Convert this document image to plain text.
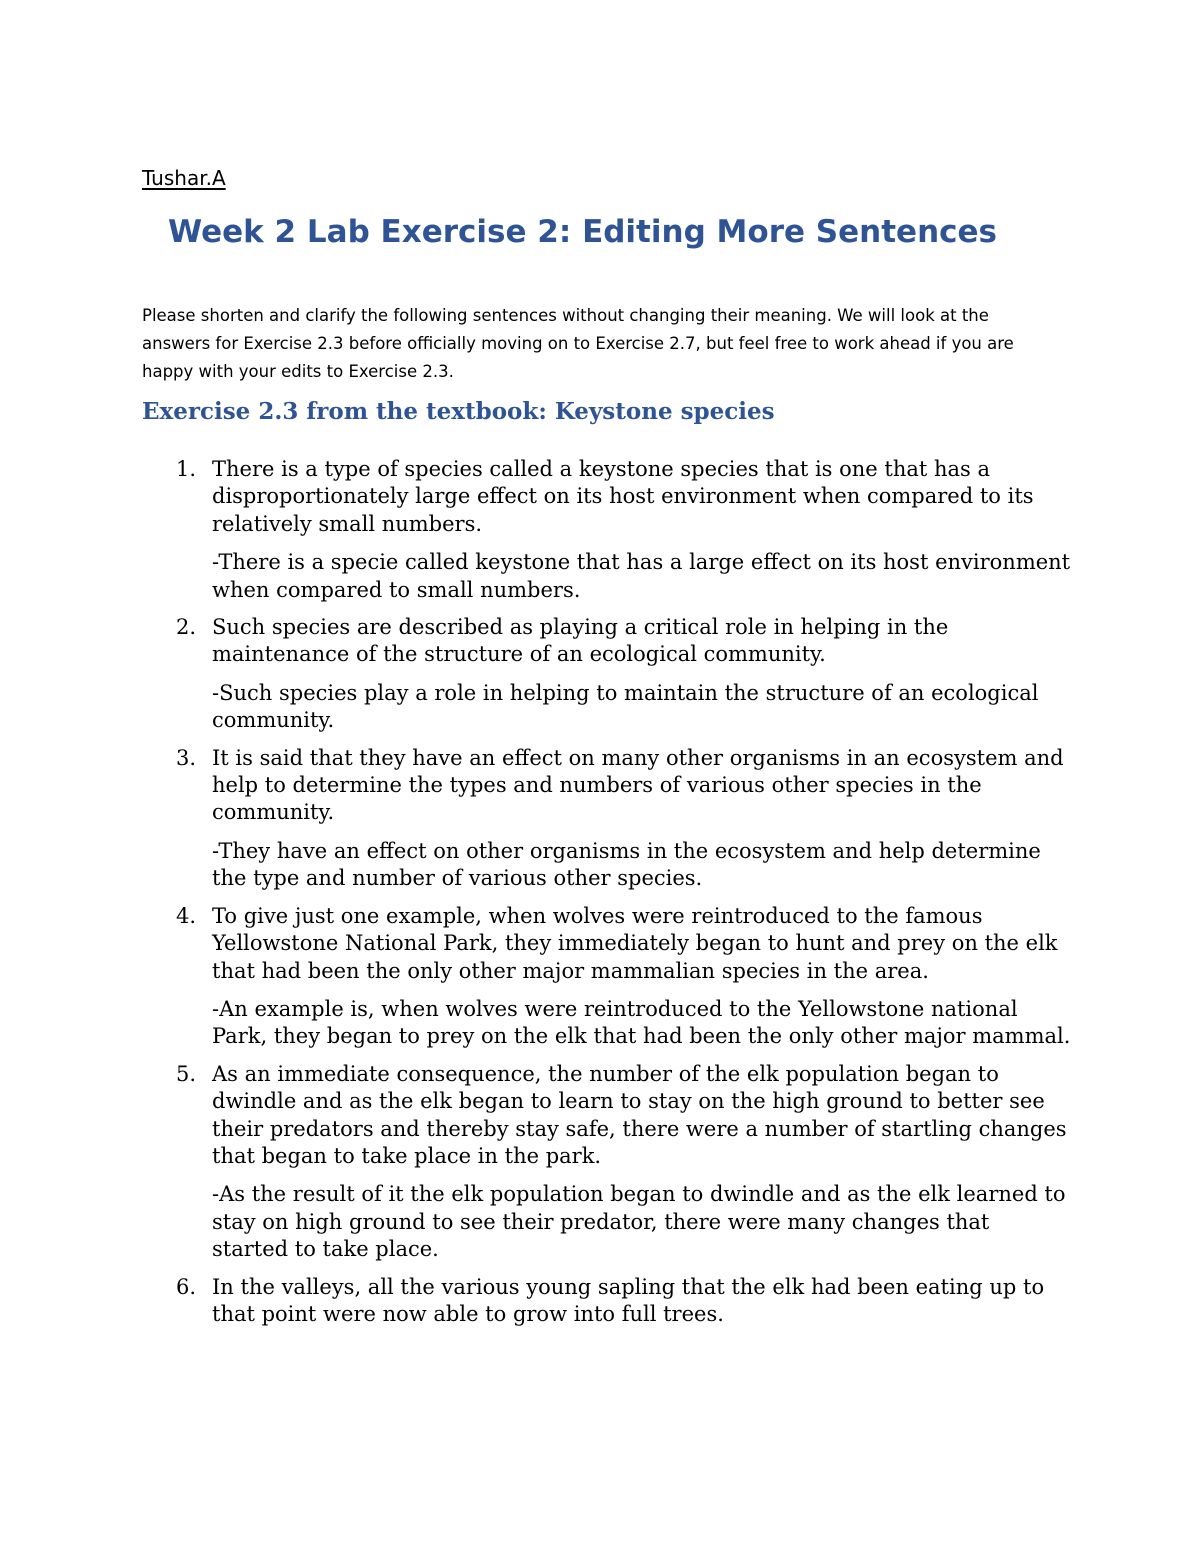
Tushar.A
Week 2 Lab Exercise 2: Editing More Sentences
Please shorten and clarify the following sentences without changing their meaning. We will look at the answers for Exercise 2.3 before officially moving on to Exercise 2.7, but feel free to work ahead if you are happy with your edits to Exercise 2.3.
Exercise 2.3 from the textbook: Keystone species
1. There is a type of species called a keystone species that is one that has a disproportionately large effect on its host environment when compared to its relatively small numbers.

-There is a specie called keystone that has a large effect on its host environment when compared to small numbers.

2. Such species are described as playing a critical role in helping in the maintenance of the structure of an ecological community.

-Such species play a role in helping to maintain the structure of an ecological community.

3. It is said that they have an effect on many other organisms in an ecosystem and help to determine the types and numbers of various other species in the community.

-They have an effect on other organisms in the ecosystem and help determine the type and number of various other species.

4. To give just one example, when wolves were reintroduced to the famous Yellowstone National Park, they immediately began to hunt and prey on the elk that had been the only other major mammalian species in the area.

-An example is, when wolves were reintroduced to the Yellowstone national Park, they began to prey on the elk that had been the only other major mammal.

5. As an immediate consequence, the number of the elk population began to dwindle and as the elk began to learn to stay on the high ground to better see their predators and thereby stay safe, there were a number of startling changes that began to take place in the park.

-As the result of it the elk population began to dwindle and as the elk learned to stay on high ground to see their predator, there were many changes that started to take place.

6. In the valleys, all the various young sapling that the elk had been eating up to that point were now able to grow into full trees.
